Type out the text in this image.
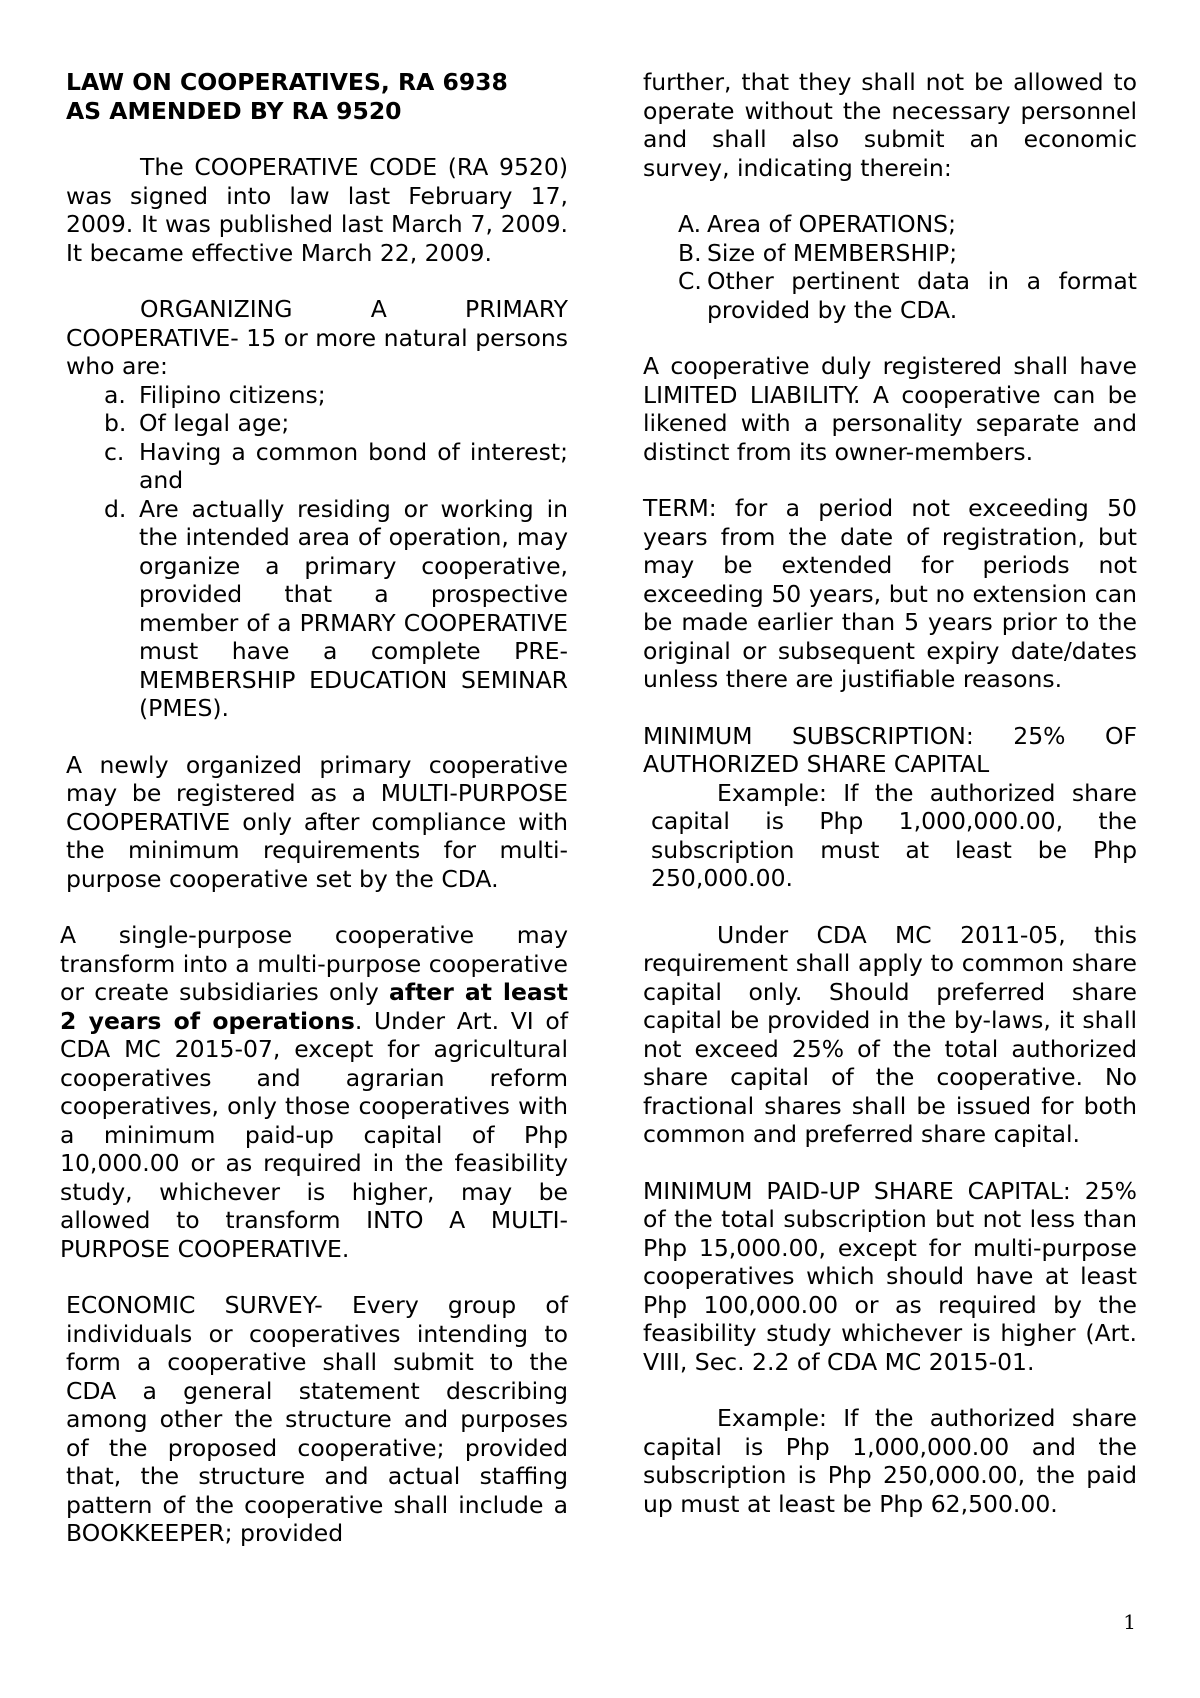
LAW ON COOPERATIVES, RA 6938
AS AMENDED BY RA 9520

The COOPERATIVE CODE (RA 9520) was signed into law last February 17, 2009. It was published last March 7, 2009. It became effective March 22, 2009.

ORGANIZING A PRIMARY COOPERATIVE- 15 or more natural persons who are:

a. Filipino citizens;
b. Of legal age;
c. Having a common bond of interest; and
d. Are actually residing or working in the intended area of operation, may organize a primary cooperative, provided that a prospective member of a PRMARY COOPERATIVE must have a complete PRE-MEMBERSHIP EDUCATION SEMINAR (PMES).

A newly organized primary cooperative may be registered as a MULTI-PURPOSE COOPERATIVE only after compliance with the minimum requirements for multi-purpose cooperative set by the CDA.

A single-purpose cooperative may transform into a multi-purpose cooperative or create subsidiaries only after at least 2 years of operations. Under Art. VI of CDA MC 2015-07, except for agricultural cooperatives and agrarian reform cooperatives, only those cooperatives with a minimum paid-up capital of Php 10,000.00 or as required in the feasibility study, whichever is higher, may be allowed to transform INTO A MULTI-PURPOSE COOPERATIVE.

ECONOMIC SURVEY- Every group of individuals or cooperatives intending to form a cooperative shall submit to the CDA a general statement describing among other the structure and purposes of the proposed cooperative; provided that, the structure and actual staffing pattern of the cooperative shall include a BOOKKEEPER; provided

further, that they shall not be allowed to operate without the necessary personnel and shall also submit an economic survey, indicating therein:

A. Area of OPERATIONS;
B. Size of MEMBERSHIP;
C. Other pertinent data in a format provided by the CDA.

A cooperative duly registered shall have LIMITED LIABILITY. A cooperative can be likened with a personality separate and distinct from its owner-members.

TERM: for a period not exceeding 50 years from the date of registration, but may be extended for periods not exceeding 50 years, but no extension can be made earlier than 5 years prior to the original or subsequent expiry date/dates unless there are justifiable reasons.

MINIMUM SUBSCRIPTION: 25% OF AUTHORIZED SHARE CAPITAL

Example: If the authorized share capital is Php 1,000,000.00, the subscription must at least be Php 250,000.00.

Under CDA MC 2011-05, this requirement shall apply to common share capital only. Should preferred share capital be provided in the by-laws, it shall not exceed 25% of the total authorized share capital of the cooperative. No fractional shares shall be issued for both common and preferred share capital.

MINIMUM PAID-UP SHARE CAPITAL: 25% of the total subscription but not less than Php 15,000.00, except for multi-purpose cooperatives which should have at least Php 100,000.00 or as required by the feasibility study whichever is higher (Art. VIII, Sec. 2.2 of CDA MC 2015-01.

Example: If the authorized share capital is Php 1,000,000.00 and the subscription is Php 250,000.00, the paid up must at least be Php 62,500.00.

1
